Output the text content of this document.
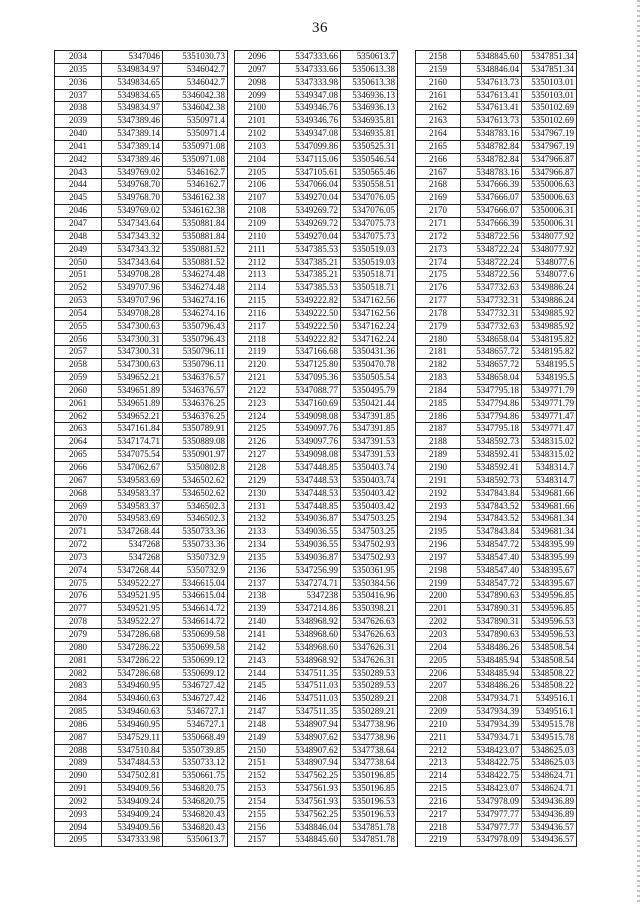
36
2034	5347046	5351030.73
2035	5349834.97	5346042.7
2036	5349834.65	5346042.7
2037	5349834.65	5346042.38
2038	5349834.97	5346042.38
2039	5347389.46	5350971.4
2040	5347389.14	5350971.4
2041	5347389.14	5350971.08
2042	5347389.46	5350971.08
2043	5349769.02	5346162.7
2044	5349768.70	5346162.7
2045	5349768.70	5346162.38
2046	5349769.02	5346162.38
2047	5347343.64	5350881.84
2048	5347343.32	5350881.84
2049	5347343.32	5350881.52
2050	5347343.64	5350881.52
2051	5349708.28	5346274.48
2052	5349707.96	5346274.48
2053	5349707.96	5346274.16
2054	5349708.28	5346274.16
2055	5347300.63	5350796.43
2056	5347300.31	5350796.43
2057	5347300.31	5350796.11
2058	5347300.63	5350796.11
2059	5349652.21	5346376.57
2060	5349651.89	5346376.57
2061	5349651.89	5346376.25
2062	5349652.21	5346376.25
2063	5347161.84	5350789.91
2064	5347174.71	5350889.08
2065	5347075.54	5350901.97
2066	5347062.67	5350802.8
2067	5349583.69	5346502.62
2068	5349583.37	5346502.62
2069	5349583.37	5346502.3
2070	5349583.69	5346502.3
2071	5347268.44	5350733.36
2072	5347268	5350733.36
2073	5347268	5350732.9
2074	5347268.44	5350732.9
2075	5349522.27	5346615.04
2076	5349521.95	5346615.04
2077	5349521.95	5346614.72
2078	5349522.27	5346614.72
2079	5347286.68	5350699.58
2080	5347286.22	5350699.58
2081	5347286.22	5350699.12
2082	5347286.68	5350699.12
2083	5349460.95	5346727.42
2084	5349460.63	5346727.42
2085	5349460.63	5346727.1
2086	5349460.95	5346727.1
2087	5347529.11	5350668.49
2088	5347510.84	5350739.85
2089	5347484.53	5350733.12
2090	5347502.81	5350661.75
2091	5349409.56	5346820.75
2092	5349409.24	5346820.75
2093	5349409.24	5346820.43
2094	5349409.56	5346820.43
2095	5347333.98	5350613.7
2096	5347333.66	5350613.7
2097	5347333.66	5350613.38
2098	5347333.98	5350613.38
2099	5349347.08	5346936.13
2100	5349346.76	5346936.13
2101	5349346.76	5346935.81
2102	5349347.08	5346935.81
2103	5347099.86	5350525.31
2104	5347115.06	5350546.54
2105	5347105.61	5350565.46
2106	5347066.04	5350558.51
2107	5349270.04	5347076.05
2108	5349269.72	5347076.05
2109	5349269.72	5347075.73
2110	5349270.04	5347075.73
2111	5347385.53	5350519.03
2112	5347385.21	5350519.03
2113	5347385.21	5350518.71
2114	5347385.53	5350518.71
2115	5349222.82	5347162.56
2116	5349222.50	5347162.56
2117	5349222.50	5347162.24
2118	5349222.82	5347162.24
2119	5347166.68	5350431.36
2120	5347125.80	5350470.78
2121	5347095.36	5350505.54
2122	5347088.77	5350495.79
2123	5347160.69	5350421.44
2124	5349098.08	5347391.85
2125	5349097.76	5347391.85
2126	5349097.76	5347391.53
2127	5349098.08	5347391.53
2128	5347448.85	5350403.74
2129	5347448.53	5350403.74
2130	5347448.53	5350403.42
2131	5347448.85	5350403.42
2132	5349036.87	5347503.25
2133	5349036.55	5347503.25
2134	5349036.55	5347502.93
2135	5349036.87	5347502.93
2136	5347256.99	5350361.95
2137	5347274.71	5350384.56
2138	5347238	5350416.96
2139	5347214.86	5350398.21
2140	5348968.92	5347626.63
2141	5348968.60	5347626.63
2142	5348968.60	5347626.31
2143	5348968.92	5347626.31
2144	5347511.35	5350289.53
2145	5347511.03	5350289.53
2146	5347511.03	5350289.21
2147	5347511.35	5350289.21
2148	5348907.94	5347738.96
2149	5348907.62	5347738.96
2150	5348907.62	5347738.64
2151	5348907.94	5347738.64
2152	5347562.25	5350196.85
2153	5347561.93	5350196.85
2154	5347561.93	5350196.53
2155	5347562.25	5350196.53
2156	5348846.04	5347851.78
2157	5348845.60	5347851.78
2158	5348845.60	5347851.34
2159	5348846.04	5347851.34
2160	5347613.73	5350103.01
2161	5347613.41	5350103.01
2162	5347613.41	5350102.69
2163	5347613.73	5350102.69
2164	5348783.16	5347967.19
2165	5348782.84	5347967.19
2166	5348782.84	5347966.87
2167	5348783.16	5347966.87
2168	5347666.39	5350006.63
2169	5347666.07	5350006.63
2170	5347666.07	5350006.31
2171	5347666.39	5350006.31
2172	5348722.56	5348077.92
2173	5348722.24	5348077.92
2174	5348722.24	5348077.6
2175	5348722.56	5348077.6
2176	5347732.63	5349886.24
2177	5347732.31	5349886.24
2178	5347732.31	5349885.92
2179	5347732.63	5349885.92
2180	5348658.04	5348195.82
2181	5348657.72	5348195.82
2182	5348657.72	5348195.5
2183	5348658.04	5348195.5
2184	5347795.18	5349771.79
2185	5347794.86	5349771.79
2186	5347794.86	5349771.47
2187	5347795.18	5349771.47
2188	5348592.73	5348315.02
2189	5348592.41	5348315.02
2190	5348592.41	5348314.7
2191	5348592.73	5348314.7
2192	5347843.84	5349681.66
2193	5347843.52	5349681.66
2194	5347843.52	5349681.34
2195	5347843.84	5349681.34
2196	5348547.72	5348395.99
2197	5348547.40	5348395.99
2198	5348547.40	5348395.67
2199	5348547.72	5348395.67
2200	5347890.63	5349596.85
2201	5347890.31	5349596.85
2202	5347890.31	5349596.53
2203	5347890.63	5349596.53
2204	5348486.26	5348508.54
2205	5348485.94	5348508.54
2206	5348485.94	5348508.22
2207	5348486.26	5348508.22
2208	5347934.71	5349516.1
2209	5347934.39	5349516.1
2210	5347934.39	5349515.78
2211	5347934.71	5349515.78
2212	5348423.07	5348625.03
2213	5348422.75	5348625.03
2214	5348422.75	5348624.71
2215	5348423.07	5348624.71
2216	5347978.09	5349436.89
2217	5347977.77	5349436.89
2218	5347977.77	5349436.57
2219	5347978.09	5349436.57
